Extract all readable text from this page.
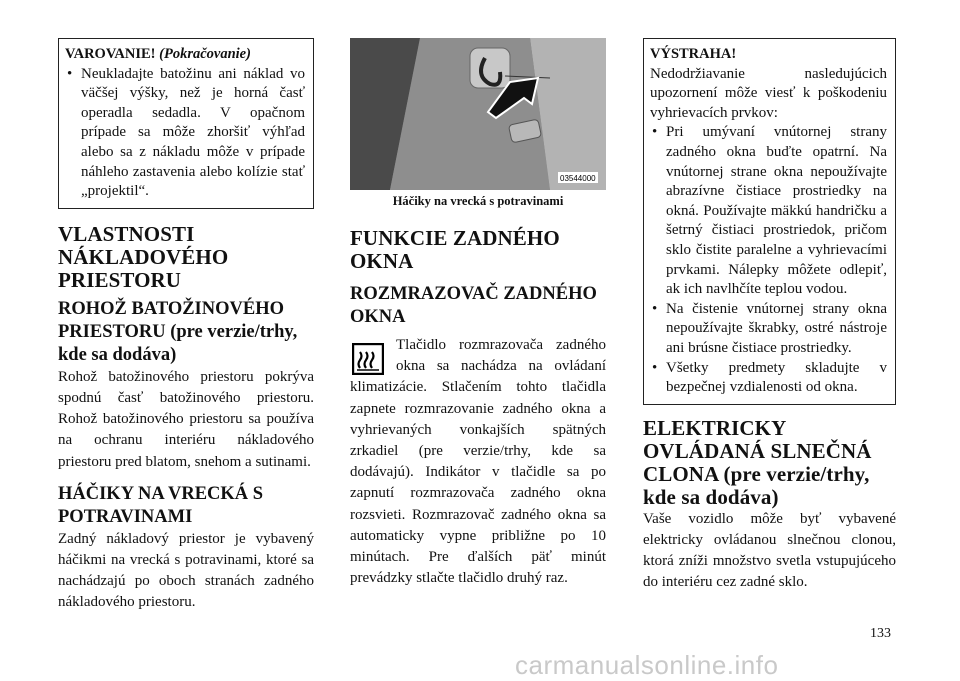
VAROVANIE! (Pokračovanie)
• Neukladajte batožinu ani náklad vo väčšej výšky, než je horná časť operadla sedadla. V opačnom prípade sa môže zhoršiť výhľad alebo sa z nákladu môže v prípade náhleho zastavenia alebo kolízie stať „projektil“.
VLASTNOSTI NÁKLADOVÉHO PRIESTORU
ROHOŽ BATOŽINOVÉHO PRIESTORU (pre verzie/trhy, kde sa dodáva)

Rohož batožinového priestoru pokrýva spodnú časť batožinového priestoru. Rohož batožinového priestoru sa používa na ochranu interiéru nákladového priestoru pred blatom, snehom a sutinami.

HÁČIKY NA VRECKÁ S POTRAVINAMI

Zadný nákladový priestor je vybavený háčikmi na vrecká s potravinami, ktoré sa nachádzajú po oboch stranách zadného nákladového priestoru.

03544000
Háčiky na vrecká s potravinami
FUNKCIE ZADNÉHO OKNA
ROZMRAZOVAČ ZADNÉHO OKNA

Tlačidlo rozmrazovača zadného okna sa nachádza na ovládaní klimatizácie. Stlačením tohto tlačidla zapnete rozmrazovanie zadného okna a vyhrievaných vonkajších spätných zrkadiel (pre verzie/trhy, kde sa dodávajú). Indikátor v tlačidle sa po zapnutí rozmrazovača zadného okna rozsvieti. Rozmrazovač zadného okna sa automaticky vypne približne po 10 minútach. Pre ďalších päť minút prevádzky stlačte tlačidlo druhý raz.

VÝSTRAHA!
Nedodržiavanie nasledujúcich upozornení môže viesť k poškodeniu vyhrievacích prvkov:
• Pri umývaní vnútornej strany zadného okna buďte opatrní. Na vnútornej strane okna nepoužívajte abrazívne čistiace prostriedky na okná. Používajte mäkkú handričku a šetrný čistiaci prostriedok, pričom sklo čistite paralelne a vyhrievacími prvkami. Nálepky môžete odlepiť, ak ich navlhčíte teplou vodou.
• Na čistenie vnútornej strany okna nepoužívajte škrabky, ostré nástroje ani brúsne čistiace prostriedky.
• Všetky predmety skladujte v bezpečnej vzdialenosti od okna.
ELEKTRICKY OVLÁDANÁ SLNEČNÁ CLONA (pre verzie/trhy, kde sa dodáva)

Vaše vozidlo môže byť vybavené elektricky ovládanou slnečnou clonou, ktorá zníži množstvo svetla vstupujúceho do interiéru cez zadné sklo.

133
carmanualsonline.info
